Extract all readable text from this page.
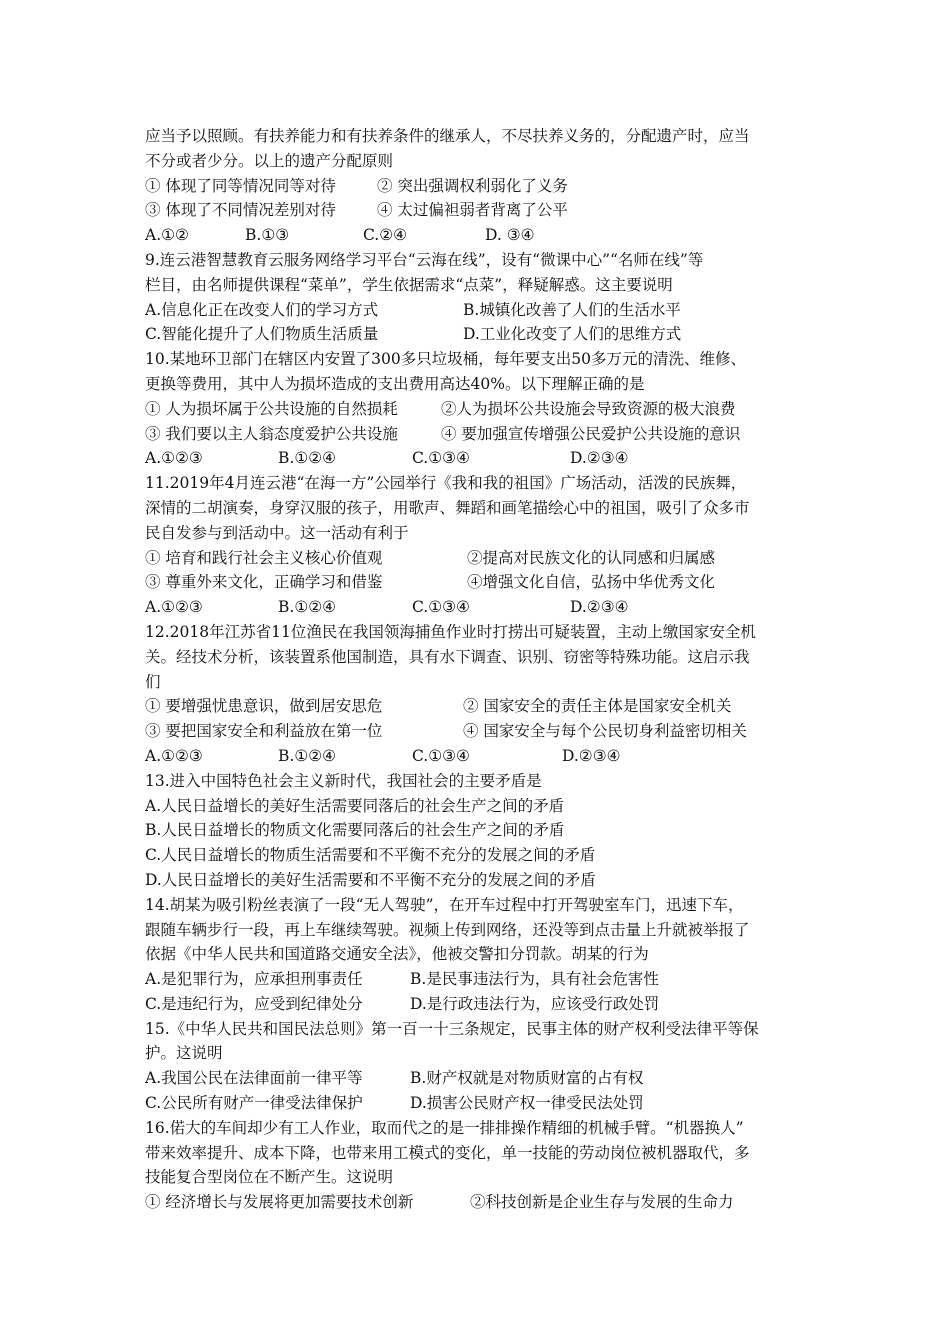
应当予以照顾。有扶养能力和有扶养条件的继承人，不尽扶养义务的，分配遗产时，应当
不分或者少分。以上的遗产分配原则
① 体现了同等情况同等对待	② 突出强调权利弱化了义务
③ 体现了不同情况差别对待	④ 太过偏袒弱者背离了公平
A.①②	B.①③	C.②④	D. ③④
9.连云港智慧教育云服务网络学习平台“云海在线”，设有“微课中心”“名师在线”等
栏目，由名师提供课程“菜单”，学生依据需求“点菜”，释疑解惑。这主要说明
A.信息化正在改变人们的学习方式	B.城镇化改善了人们的生活水平
C.智能化提升了人们物质生活质量	D.工业化改变了人们的思维方式
10.某地环卫部门在辖区内安置了300多只垃圾桶，每年要支出50多万元的清洗、维修、
更换等费用，其中人为损坏造成的支出费用高达40%。以下理解正确的是
① 人为损坏属于公共设施的自然损耗	②人为损坏公共设施会导致资源的极大浪费
③ 我们要以主人翁态度爱护公共设施	④ 要加强宣传增强公民爱护公共设施的意识
A.①②③	B.①②④	C.①③④	D.②③④
11.2019年4月连云港“在海一方”公园举行《我和我的祖国》广场活动，活泼的民族舞，
深情的二胡演奏，身穿汉服的孩子，用歌声、舞蹈和画笔描绘心中的祖国，吸引了众多市
民自发参与到活动中。这一活动有利于
① 培育和践行社会主义核心价值观	②提高对民族文化的认同感和归属感
③ 尊重外来文化，正确学习和借鉴	④增强文化自信，弘扬中华优秀文化
A.①②③	B.①②④	C.①③④	D.②③④
12.2018年江苏省11位渔民在我国领海捕鱼作业时打捞出可疑装置，主动上缴国家安全机
关。经技术分析，该装置系他国制造，具有水下调查、识别、窃密等特殊功能。这启示我
们
① 要增强忧患意识，做到居安思危	② 国家安全的责任主体是国家安全机关
③ 要把国家安全和利益放在第一位	④ 国家安全与每个公民切身利益密切相关
A.①②③	B.①②④	C.①③④	D.②③④
13.进入中国特色社会主义新时代，我国社会的主要矛盾是
A.人民日益增长的美好生活需要同落后的社会生产之间的矛盾
B.人民日益增长的物质文化需要同落后的社会生产之间的矛盾
C.人民日益增长的物质生活需要和不平衡不充分的发展之间的矛盾
D.人民日益增长的美好生活需要和不平衡不充分的发展之间的矛盾
14.胡某为吸引粉丝表演了一段“无人驾驶”，在开车过程中打开驾驶室车门，迅速下车，
跟随车辆步行一段，再上车继续驾驶。视频上传到网络，还没等到点击量上升就被举报了
依据《中华人民共和国道路交通安全法》，他被交警扣分罚款。胡某的行为
A.是犯罪行为，应承担刑事责任	B.是民事违法行为，具有社会危害性
C.是违纪行为，应受到纪律处分	D.是行政违法行为，应该受行政处罚
15.《中华人民共和国民法总则》第一百一十三条规定，民事主体的财产权利受法律平等保
护。这说明
A.我国公民在法律面前一律平等	B.财产权就是对物质财富的占有权
C.公民所有财产一律受法律保护	D.损害公民财产权一律受民法处罚
16.偌大的车间却少有工人作业，取而代之的是一排排操作精细的机械手臂。“机器换人”
带来效率提升、成本下降，也带来用工模式的变化，单一技能的劳动岗位被机器取代，多
技能复合型岗位在不断产生。这说明
① 经济增长与发展将更加需要技术创新	②科技创新是企业生存与发展的生命力
